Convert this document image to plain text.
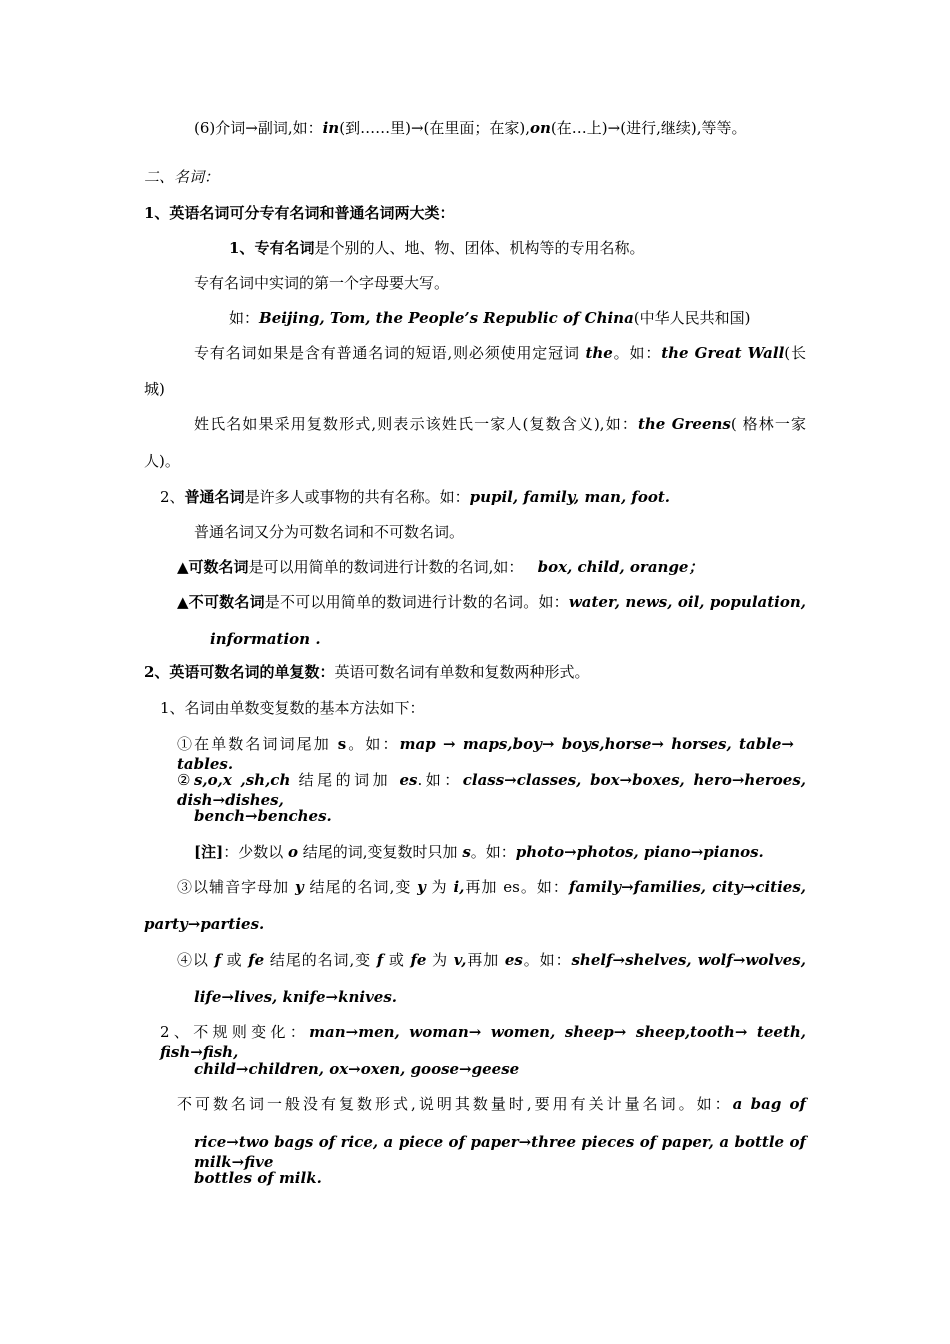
(6)介词→副词,如：in(到……里)→(在里面；在家),on(在…上)→(进行,继续),等等。
二、名词：
1、英语名词可分专有名词和普通名词两大类：
1、专有名词是个别的人、地、物、团体、机构等的专用名称。
专有名词中实词的第一个字母要大写。
如：Beijing, Tom, the People’s Republic of China(中华人民共和国)
专有名词如果是含有普通名词的短语,则必须使用定冠词 the。如：the Great Wall(长
城)
姓氏名如果采用复数形式,则表示该姓氏一家人(复数含义),如：the Greens( 格林一家
人)。
2、普通名词是许多人或事物的共有名称。如：pupil, family, man, foot.
普通名词又分为可数名词和不可数名词。
▲可数名词是可以用简单的数词进行计数的名词,如： box, child, orange；
▲不可数名词是不可以用简单的数词进行计数的名词。如：water, news, oil, population,
information .
2、英语可数名词的单复数：英语可数名词有单数和复数两种形式。
1、名词由单数变复数的基本方法如下：
①在单数名词词尾加 s。如：map → maps,boy→ boys,horse→ horses, table→ tables.
②s,o,x ,sh,ch 结尾的词加 es.如：class→classes, box→boxes, hero→heroes, dish→dishes,
bench→benches.
[注]：少数以 o 结尾的词,变复数时只加 s。如：photo→photos, piano→pianos.
③以辅音字母加 y 结尾的名词,变 y 为 i,再加 es。如：family→families, city→cities,
party→parties.
④以 f 或 fe 结尾的名词,变 f 或 fe 为 v,再加 es。如：shelf→shelves, wolf→wolves,
life→lives, knife→knives.
2、不规则变化：man→men, woman→ women, sheep→ sheep,tooth→ teeth, fish→fish,
child→children, ox→oxen, goose→geese
不可数名词一般没有复数形式,说明其数量时,要用有关计量名词。如：a bag of
rice→two bags of rice, a piece of paper→three pieces of paper, a bottle of milk→five
bottles of milk.
